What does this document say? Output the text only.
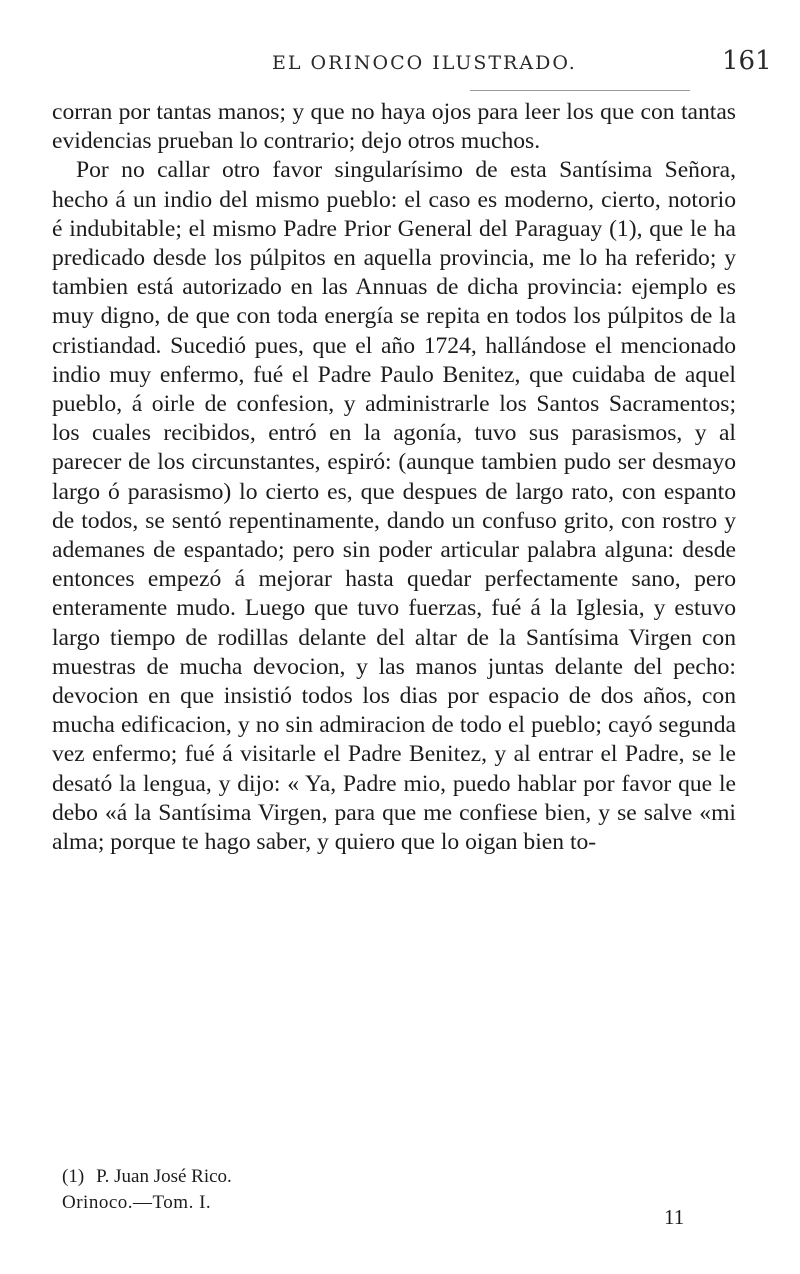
EL ORINOCO ILUSTRADO.	161

corran por tantas manos; y que no haya ojos para leer los que con tantas evidencias prueban lo contrario; dejo otros muchos.

Por no callar otro favor singularísimo de esta Santísima Señora, hecho á un indio del mismo pueblo: el caso es moderno, cierto, notorio é indubitable; el mismo Padre Prior General del Paraguay (1), que le ha predicado desde los púlpitos en aquella provincia, me lo ha referido; y tambien está autorizado en las Annuas de dicha provincia: ejemplo es muy digno, de que con toda energía se repita en todos los púlpitos de la cristiandad. Sucedió pues, que el año 1724, hallándose el mencionado indio muy enfermo, fué el Padre Paulo Benitez, que cuidaba de aquel pueblo, á oirle de confesion, y administrarle los Santos Sacramentos; los cuales recibidos, entró en la agonía, tuvo sus parasismos, y al parecer de los circunstantes, espiró: (aunque tambien pudo ser desmayo largo ó parasismo) lo cierto es, que despues de largo rato, con espanto de todos, se sentó repentinamente, dando un confuso grito, con rostro y ademanes de espantado; pero sin poder articular palabra alguna: desde entonces empezó á mejorar hasta quedar perfectamente sano, pero enteramente mudo. Luego que tuvo fuerzas, fué á la Iglesia, y estuvo largo tiempo de rodillas delante del altar de la Santísima Virgen con muestras de mucha devocion, y las manos juntas delante del pecho: devocion en que insistió todos los dias por espacio de dos años, con mucha edificacion, y no sin admiracion de todo el pueblo; cayó segunda vez enfermo; fué á visitarle el Padre Benitez, y al entrar el Padre, se le desató la lengua, y dijo: « Ya, Padre mio, puedo hablar por favor que le debo «á la Santísima Virgen, para que me confiese bien, y se salve «mi alma; porque te hago saber, y quiero que lo oigan bien to-

(1) P. Juan José Rico.
Orinoco.—Tom. I.
11
